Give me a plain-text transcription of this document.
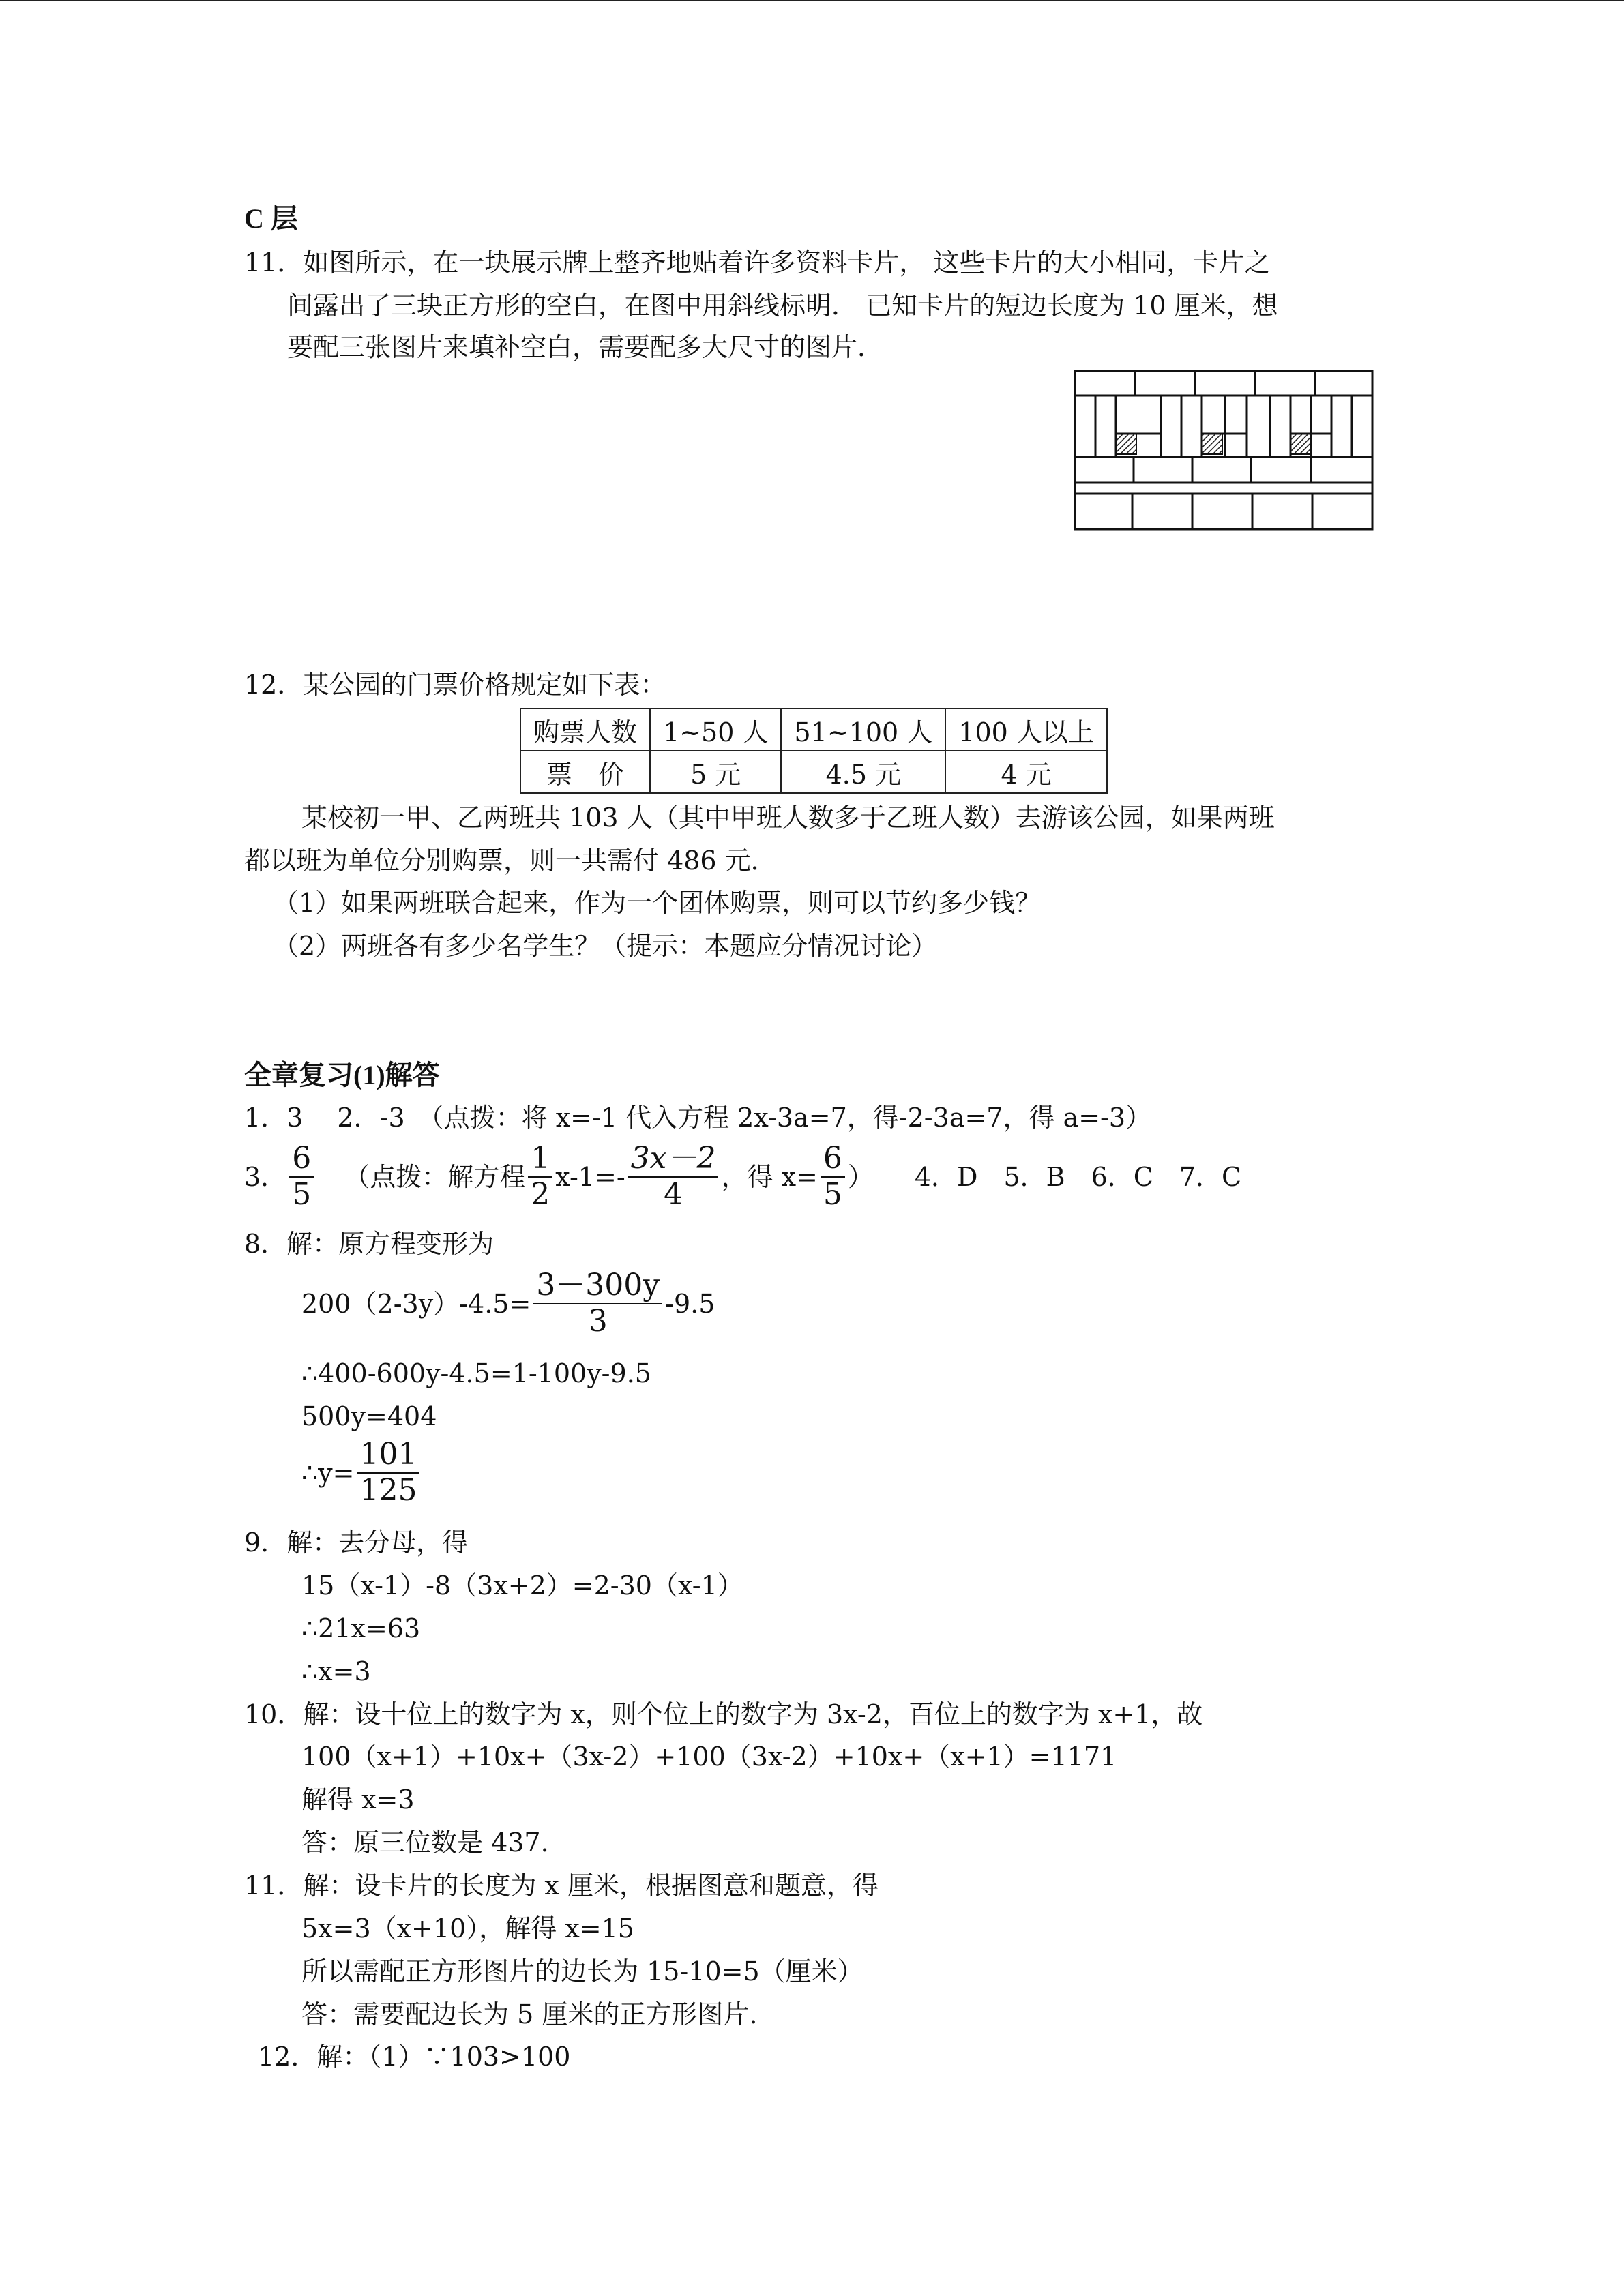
C 层
11．如图所示，在一块展示牌上整齐地贴着许多资料卡片， 这些卡片的大小相同，卡片之
间露出了三块正方形的空白，在图中用斜线标明． 已知卡片的短边长度为 10 厘米，想
要配三张图片来填补空白，需要配多大尺寸的图片．
12．某公园的门票价格规定如下表：
购票人数	1~50 人	51~100 人	100 人以上
票　价	5 元	4.5 元	4 元
某校初一甲、乙两班共 103 人（其中甲班人数多于乙班人数）去游该公园，如果两班
都以班为单位分别购票，则一共需付 486 元．
（1）如果两班联合起来，作为一个团体购票，则可以节约多少钱？
（2）两班各有多少名学生？（提示：本题应分情况讨论）
全章复习(1)解答
1．3　 2．-3　（点拨：将 x=-1 代入方程 2x-3a=7，得-2-3a=7，得 a=-3）
3． $\frac{6}{5}$ （点拨：解方程 $\frac{1}{2} x-1=- \frac{3x-2}{4}$ ，得 $x= \frac{6}{5}$ ） 4．D　5．B　6．C　7．C
8．解：原方程变形为
$200(2-3y)-4.5= \frac{3-300y}{3} -9.5$
∴400-600y-4.5=1-100y-9.5
500y=404
∴y= $\frac{101}{125}$
9．解：去分母，得
15（x-1）-8（3x+2）=2-30（x-1）
∴21x=63
∴x=3
10．解：设十位上的数字为 x，则个位上的数字为 3x-2，百位上的数字为 x+1，故
100（x+1）+10x+（3x-2）+100（3x-2）+10x+（x+1）=1171
解得 x=3
答：原三位数是 437.
11．解：设卡片的长度为 x 厘米，根据图意和题意，得
5x=3（x+10），解得 x=15
所以需配正方形图片的边长为 15-10=5（厘米）
答：需要配边长为 5 厘米的正方形图片.
12．解：（1）∵103>100
